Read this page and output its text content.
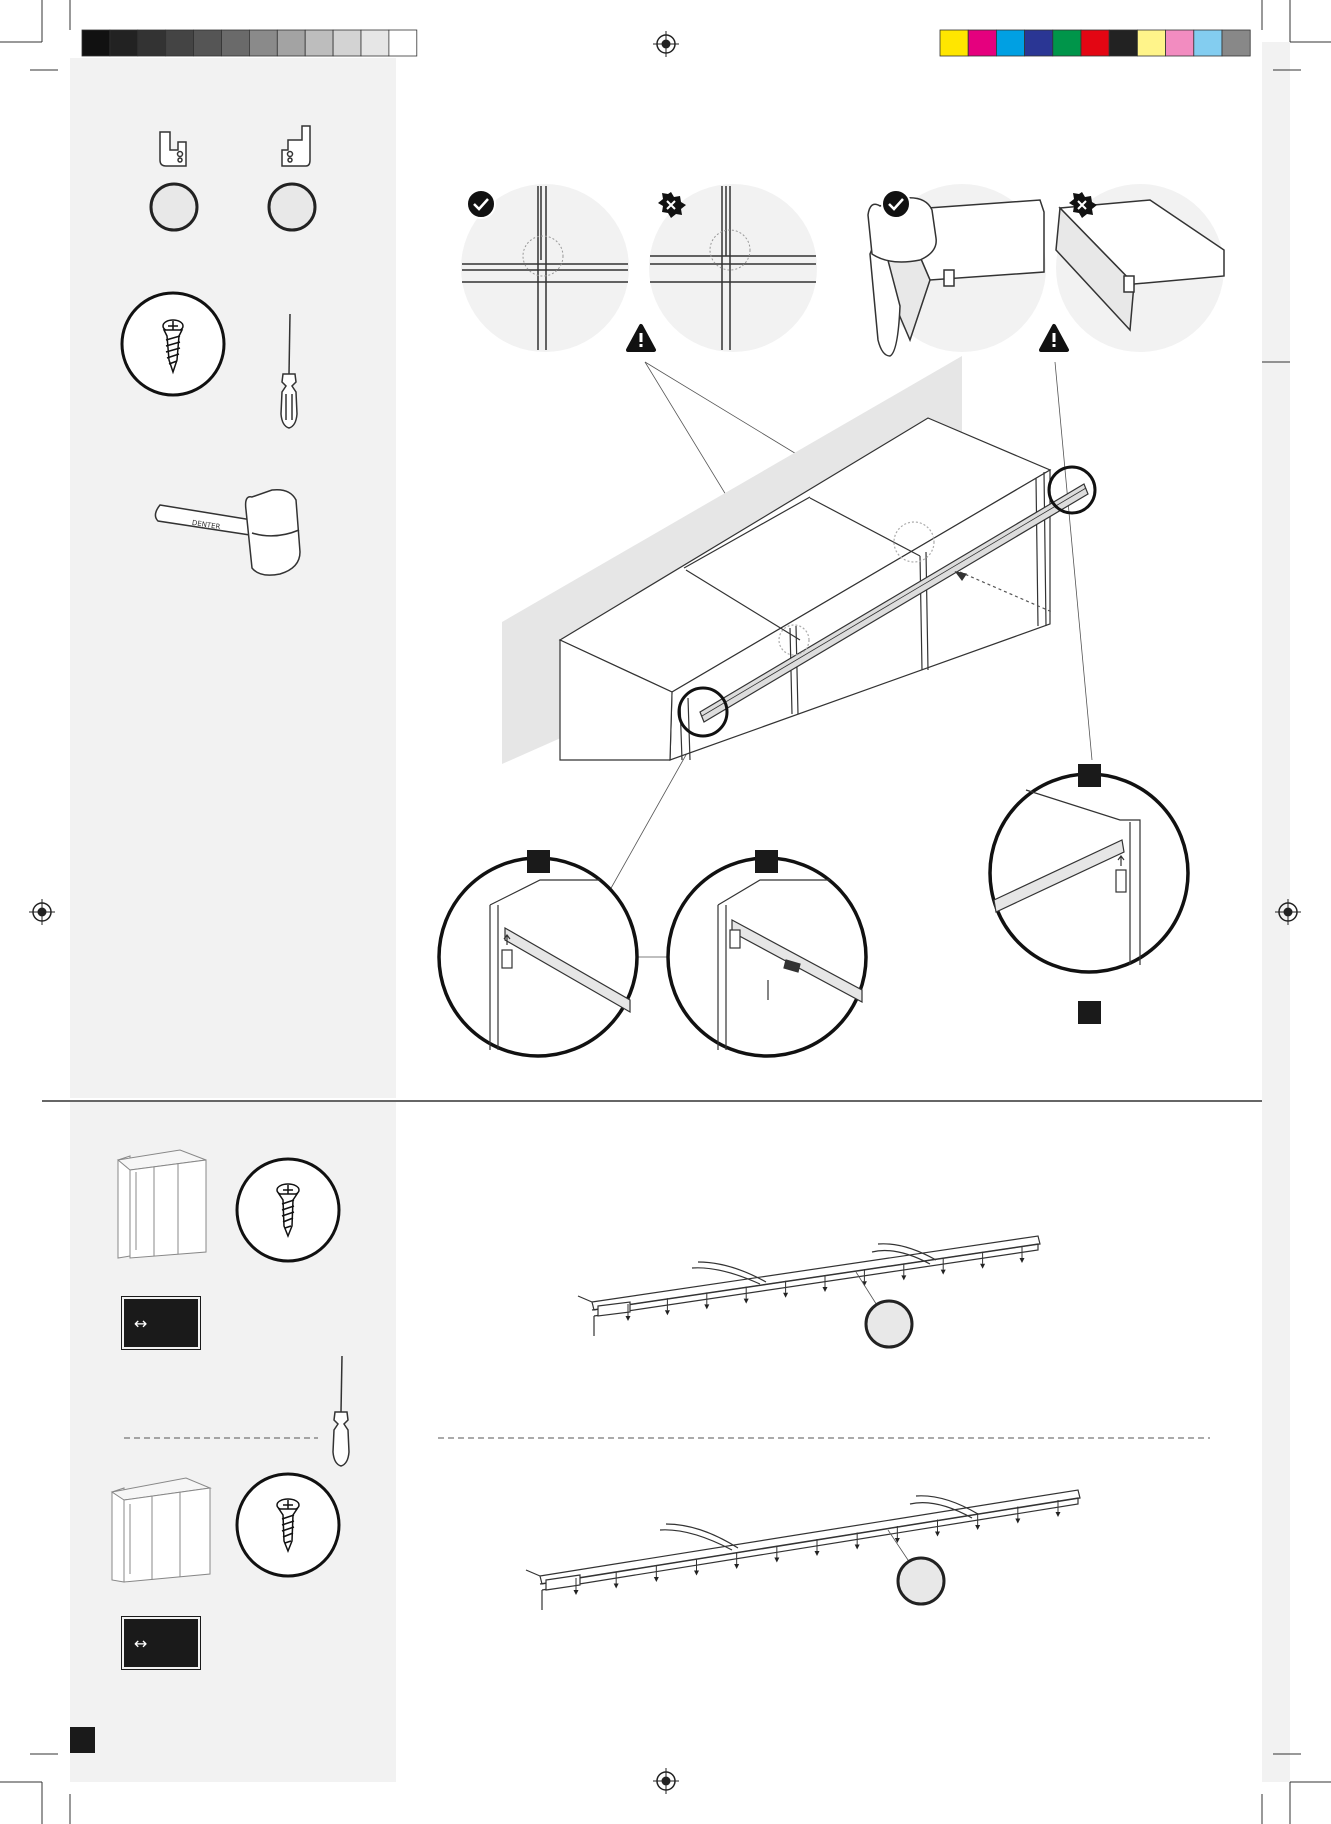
DENTER
↔
↔
